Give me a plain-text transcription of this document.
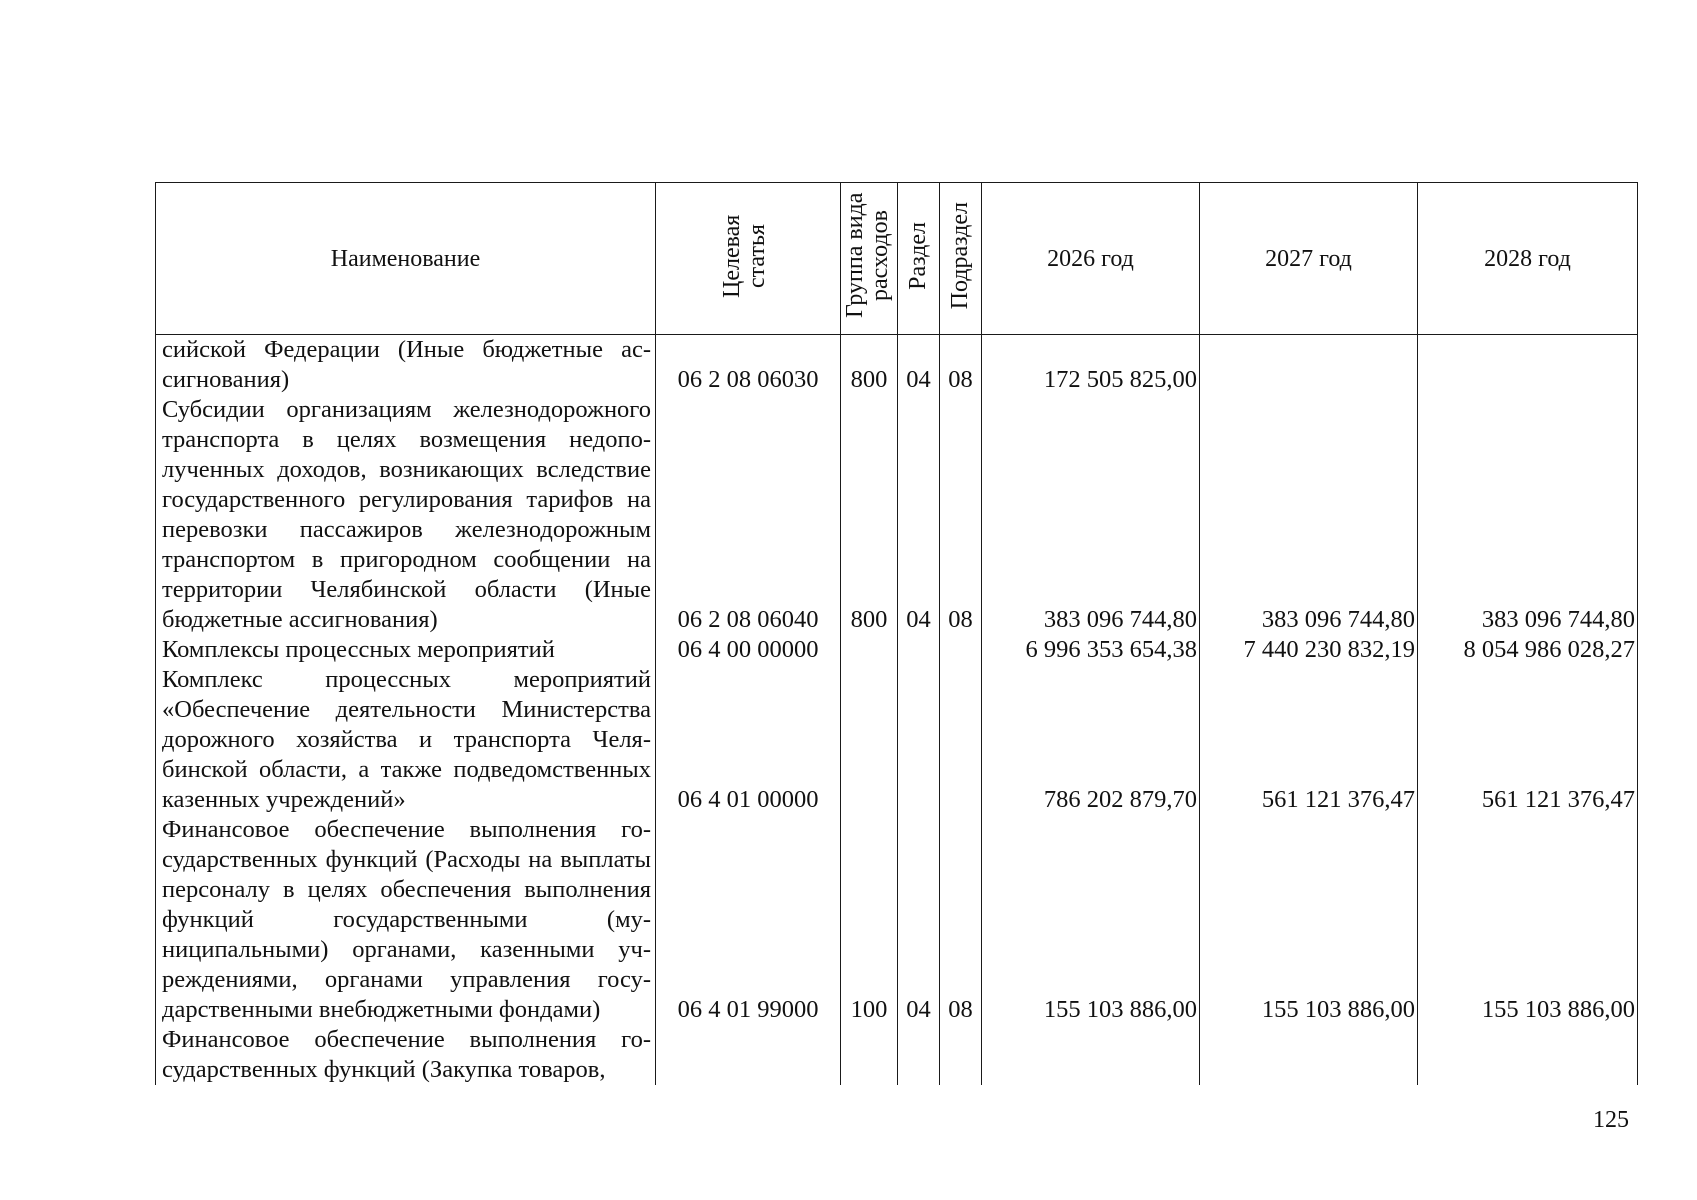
Наименование	Целевая статья	Группа вида расходов	Раздел	Подраздел	2026 год	2027 год	2028 год
сийской Федерации (Иные бюджетные ассигнования)	06 2 08 06030	800	04	08	172 505 825,00		
Субсидии организациям железнодорожного транспорта в целях возмещения недополученных доходов, возникающих вследствие государственного регулирования тарифов на перевозки пассажиров железнодорожным транспортом в пригородном сообщении на территории Челябинской области (Иные бюджетные ассигнования)	06 2 08 06040	800	04	08	383 096 744,80	383 096 744,80	383 096 744,80
Комплексы процессных мероприятий	06 4 00 00000				6 996 353 654,38	7 440 230 832,19	8 054 986 028,27
Комплекс процессных мероприятий «Обеспечение деятельности Министерства дорожного хозяйства и транспорта Челябинской области, а также подведомственных казенных учреждений»	06 4 01 00000				786 202 879,70	561 121 376,47	561 121 376,47
Финансовое обеспечение выполнения государственных функций (Расходы на выплаты персоналу в целях обеспечения выполнения функций государственными (муниципальными) органами, казенными учреждениями, органами управления государственными внебюджетными фондами)	06 4 01 99000	100	04	08	155 103 886,00	155 103 886,00	155 103 886,00
Финансовое обеспечение выполнения государственных функций (Закупка товаров,							

125
